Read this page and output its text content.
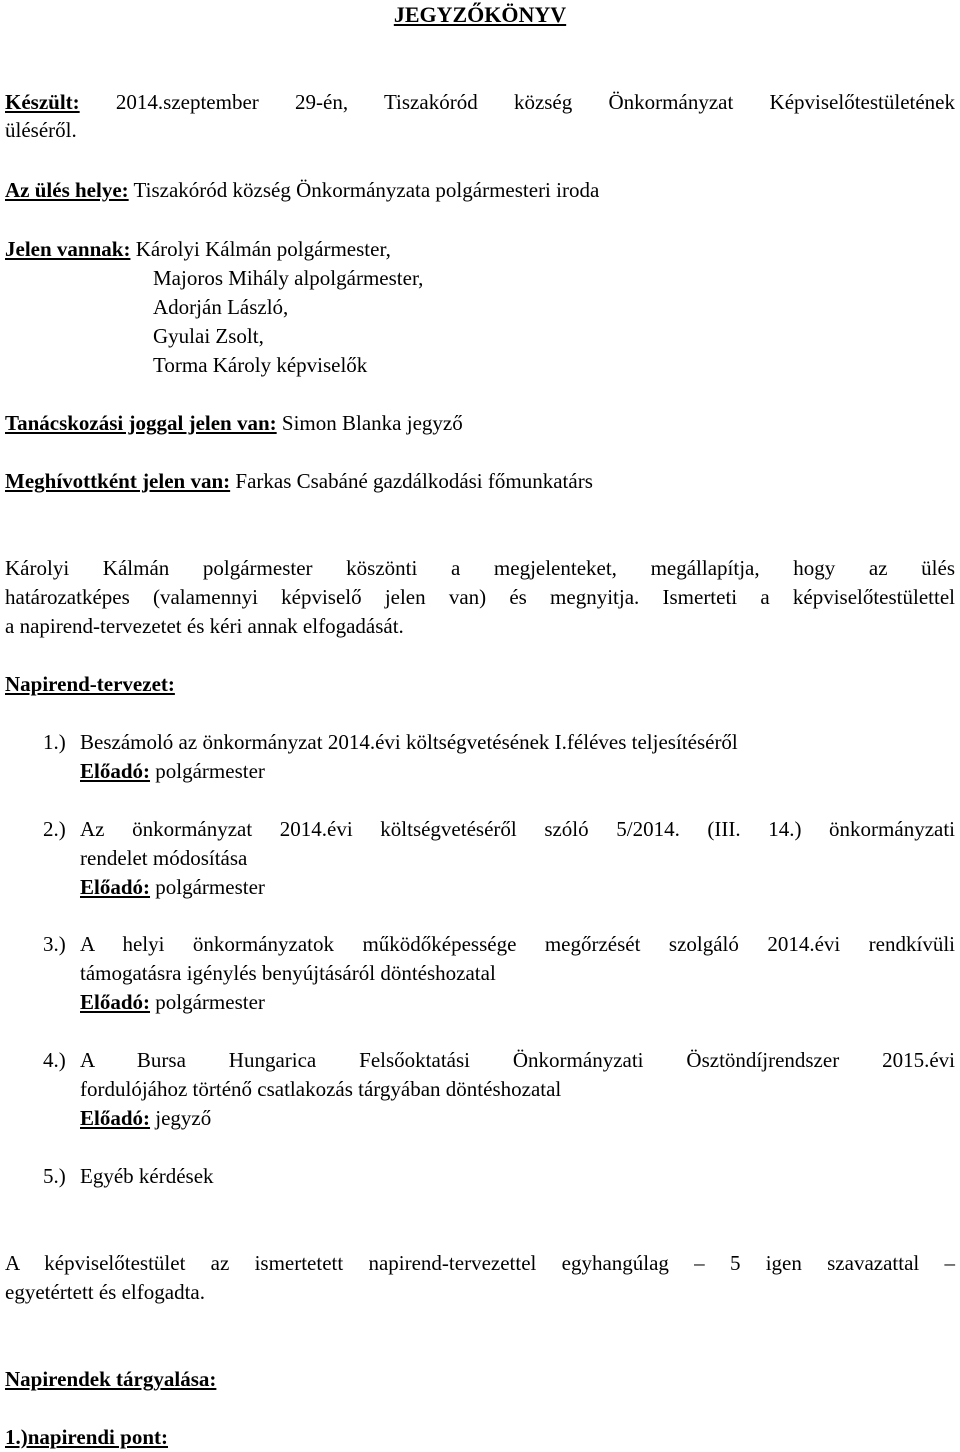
JEGYZŐKÖNYV
Készült: 2014.szeptember 29-én, Tiszakóród község Önkormányzat Képviselőtestületének
üléséről.
Az ülés helye: Tiszakóród község Önkormányzata polgármesteri iroda
Jelen vannak: Károlyi Kálmán polgármester,
Majoros Mihály alpolgármester,
Adorján László,
Gyulai Zsolt,
Torma Károly képviselők
Tanácskozási joggal jelen van: Simon Blanka jegyző
Meghívottként jelen van: Farkas Csabáné gazdálkodási főmunkatárs
Károlyi Kálmán polgármester köszönti a megjelenteket, megállapítja, hogy az ülés
határozatképes (valamennyi képviselő jelen van) és megnyitja. Ismerteti a képviselőtestülettel
a napirend-tervezetet és kéri annak elfogadását.
Napirend-tervezet:
1.) Beszámoló az önkormányzat 2014.évi költségvetésének I.féléves teljesítéséről
Előadó: polgármester
2.) Az önkormányzat 2014.évi költségvetéséről szóló 5/2014. (III. 14.) önkormányzati
rendelet módosítása
Előadó: polgármester
3.) A helyi önkormányzatok működőképessége megőrzését szolgáló 2014.évi rendkívüli
támogatásra igénylés benyújtásáról döntéshozatal
Előadó: polgármester
4.) A Bursa Hungarica Felsőoktatási Önkormányzati Ösztöndíjrendszer 2015.évi
fordulójához történő csatlakozás tárgyában döntéshozatal
Előadó: jegyző
5.) Egyéb kérdések
A képviselőtestület az ismertetett napirend-tervezettel egyhangúlag – 5 igen szavazattal –
egyetértett és elfogadta.
Napirendek tárgyalása:
1.)napirendi pont:
